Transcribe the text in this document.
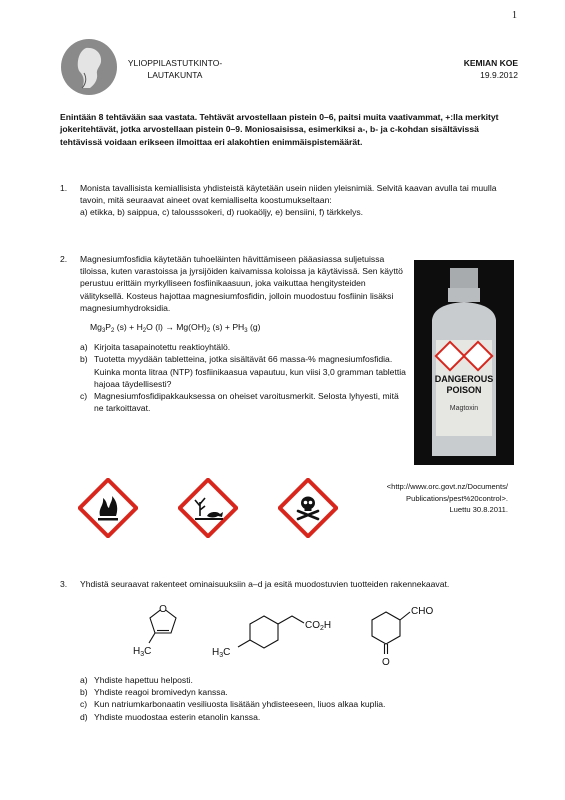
1
YLIOPPILASTUTKINTO-
LAUTAKUNTA
KEMIAN KOE
19.9.2012
Enintään 8 tehtävään saa vastata. Tehtävät arvostellaan pistein 0–6, paitsi muita vaativammat, +:lla merkityt jokeritehtävät, jotka arvostellaan pistein 0–9. Moniosaisissa, esimerkiksi a-, b- ja c-kohdan sisältävissä tehtävissä voidaan erikseen ilmoittaa eri alakohtien enimmäispistemäärät.
1. Monista tavallisista kemiallisista yhdisteistä käytetään usein niiden yleisnimiä. Selvitä kaavan avulla tai muulla tavoin, mitä seuraavat aineet ovat kemialliselta koostumukseltaan:
a) etikka, b) saippua, c) talousssokeri, d) ruokaöljy, e) bensiini, f) tärkkelys.
2. Magnesiumfosfidia käytetään tuhoeläinten hävittämiseen pääasiassa suljetuissa tiloissa, kuten varastoissa ja jyrsijöiden kaivamissa koloissa ja käytävissä. Sen käyttö perustuu erittäin myrkylliseen fosfiinikaasuun, joka vaikuttaa hengitysteiden välityksellä. Kosteus hajottaa magnesiumfosfidin, jolloin muodostuu fosfiinin lisäksi magnesiumhydroksidia.
$Mg_3P_2$ $(s) + H_2O$ $(l) \to Mg(OH)_2$ $(s) + PH_3$ (g)
a) Kirjoita tasapainotettu reaktioyhtälö.
b) Tuotetta myydään tabletteina, jotka sisältävät 66 massa-% magnesiumfosfidia. Kuinka monta litraa (NTP) fosfiinikaasua vapautuu, kun viisi 3,0 gramman tablettia hajoaa täydellisesti?
c) Magnesiumfosfidipakkauksessa on oheiset varoitusmerkit. Selosta lyhyesti, mitä ne tarkoittavat.
DANGEROUS
POISON
Magtoxin
<http://www.orc.govt.nz/Documents/
Publications/pest%20control>.
Luettu 30.8.2011.
3. Yhdistä seuraavat rakenteet ominaisuuksiin a–d ja esitä muodostuvien tuotteiden rakennekaavat.
O
$H_3C$	$H_3C$
$CO_2H$
CHO
O
a) Yhdiste hapettuu helposti.
b) Yhdiste reagoi bromivedyn kanssa.
c) Kun natriumkarbonaatin vesiliuosta lisätään yhdisteeseen, liuos alkaa kuplia.
d) Yhdiste muodostaa esterin etanolin kanssa.
